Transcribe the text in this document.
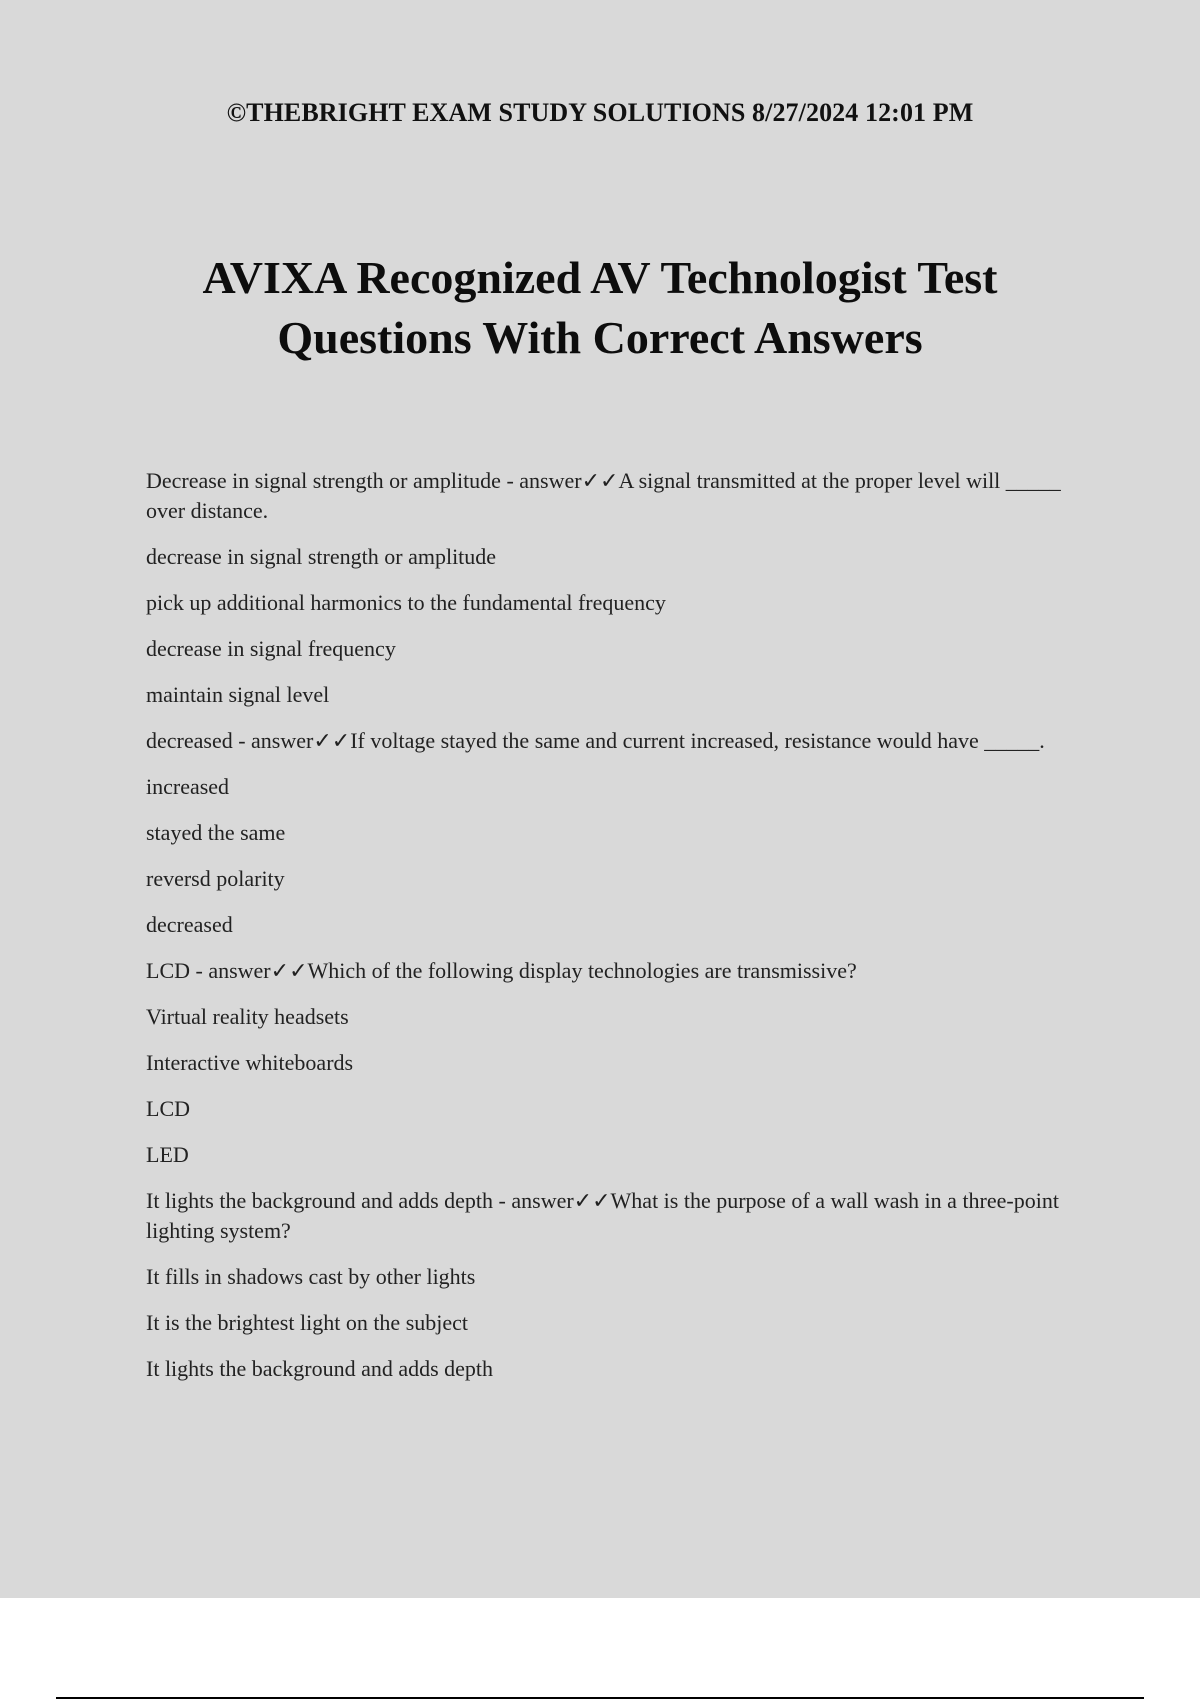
©THEBRIGHT EXAM STUDY SOLUTIONS 8/27/2024 12:01 PM
AVIXA Recognized AV Technologist Test
Questions With Correct Answers

Decrease in signal strength or amplitude - answer✓✓A signal transmitted at the proper level will _____ over distance.

decrease in signal strength or amplitude

pick up additional harmonics to the fundamental frequency

decrease in signal frequency

maintain signal level

decreased - answer✓✓If voltage stayed the same and current increased, resistance would have _____.

increased

stayed the same

reversd polarity

decreased

LCD - answer✓✓Which of the following display technologies are transmissive?

Virtual reality headsets

Interactive whiteboards

LCD

LED

It lights the background and adds depth - answer✓✓What is the purpose of a wall wash in a three-point lighting system?

It fills in shadows cast by other lights

It is the brightest light on the subject

It lights the background and adds depth
